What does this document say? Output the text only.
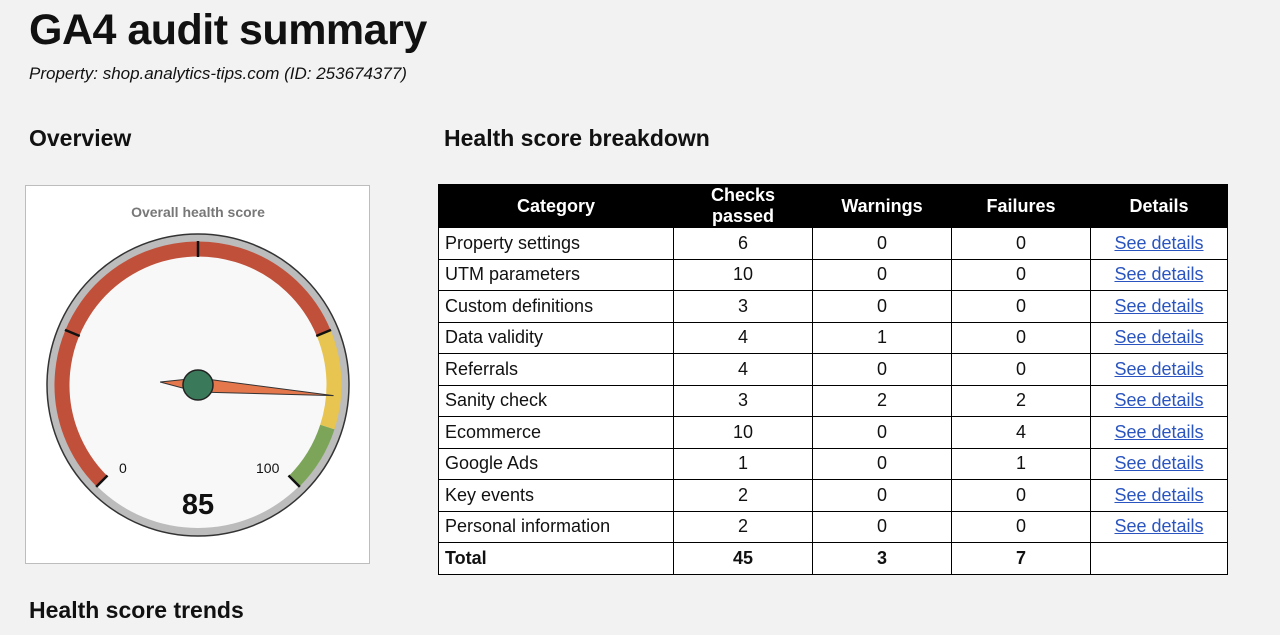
GA4 audit summary
Property: shop.analytics-tips.com (ID: 253674377)
Overview	Health score breakdown
Overall health score
0	100
85
Category	Checks passed	Warnings	Failures	Details
Property settings	6	0	0	See details
UTM parameters	10	0	0	See details
Custom definitions	3	0	0	See details
Data validity	4	1	0	See details
Referrals	4	0	0	See details
Sanity check	3	2	2	See details
Ecommerce	10	0	4	See details
Google Ads	1	0	1	See details
Key events	2	0	0	See details
Personal information	2	0	0	See details
Total	45	3	7	
Health score trends
